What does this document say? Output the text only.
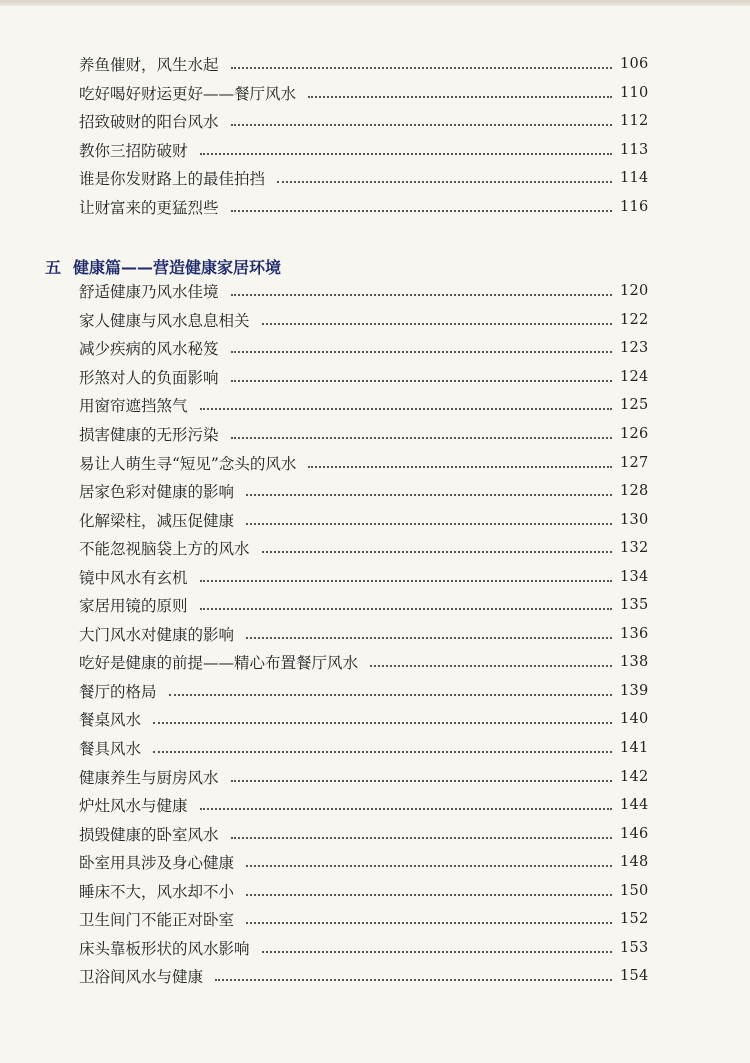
养鱼催财，风生水起	106
吃好喝好财运更好——餐厅风水	110
招致破财的阳台风水	112
教你三招防破财	113
谁是你发财路上的最佳拍挡	114
让财富来的更猛烈些	116
五 健康篇——营造健康家居环境
舒适健康乃风水佳境	120
家人健康与风水息息相关	122
减少疾病的风水秘笈	123
形煞对人的负面影响	124
用窗帘遮挡煞气	125
损害健康的无形污染	126
易让人萌生寻“短见”念头的风水	127
居家色彩对健康的影响	128
化解梁柱，减压促健康	130
不能忽视脑袋上方的风水	132
镜中风水有玄机	134
家居用镜的原则	135
大门风水对健康的影响	136
吃好是健康的前提——精心布置餐厅风水	138
餐厅的格局	139
餐桌风水	140
餐具风水	141
健康养生与厨房风水	142
炉灶风水与健康	144
损毁健康的卧室风水	146
卧室用具涉及身心健康	148
睡床不大，风水却不小	150
卫生间门不能正对卧室	152
床头靠板形状的风水影响	153
卫浴间风水与健康	154
